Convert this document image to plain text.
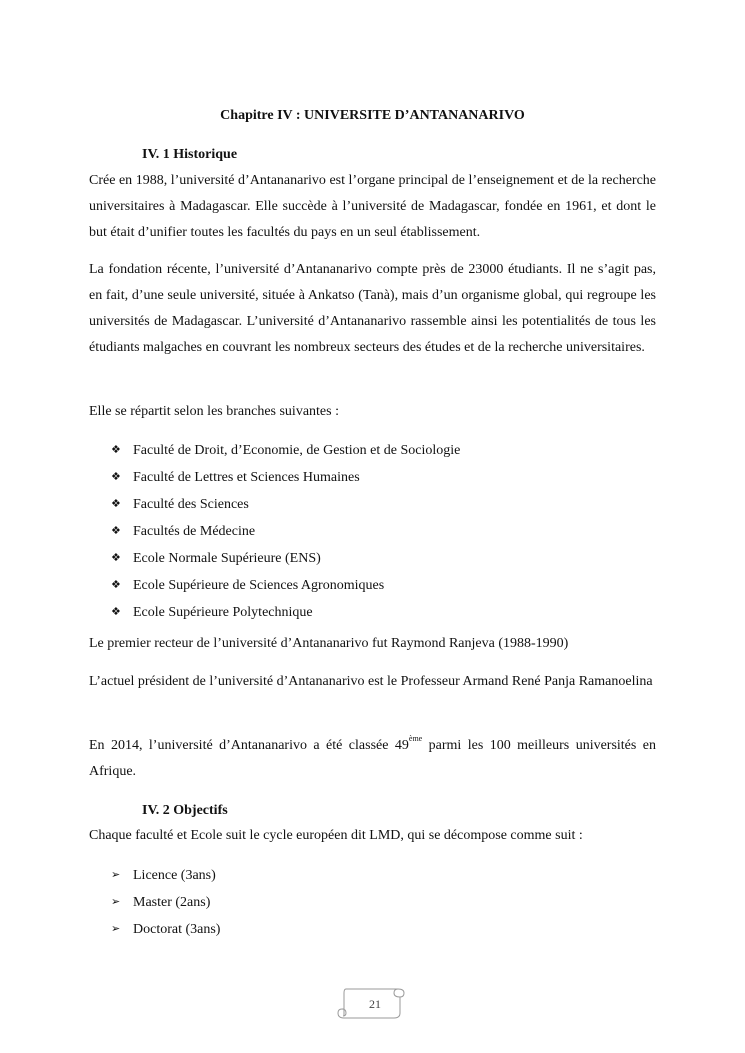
Chapitre IV : UNIVERSITE D’ANTANANARIVO
IV. 1 Historique

Crée en 1988, l’université d’Antananarivo est l’organe principal de l’enseignement et de la recherche universitaires à Madagascar. Elle succède à l’université de Madagascar, fondée en 1961, et dont le but était d’unifier toutes les facultés du pays en un seul établissement.

La fondation récente, l’université d’Antananarivo compte près de 23000 étudiants. Il ne s’agit pas, en fait, d’une seule université, située à Ankatso (Tanà), mais d’un organisme global, qui regroupe les universités de Madagascar. L’université d’Antananarivo rassemble ainsi les potentialités de tous les étudiants malgaches en couvrant les nombreux secteurs des études et de la recherche universitaires.

Elle se répartit selon les branches suivantes :

❖ Faculté de Droit, d’Economie, de Gestion et de Sociologie
❖ Faculté de Lettres et Sciences Humaines
❖ Faculté des Sciences
❖ Facultés de Médecine
❖ Ecole Normale Supérieure (ENS)
❖ Ecole Supérieure de Sciences Agronomiques
❖ Ecole Supérieure Polytechnique

Le premier recteur de l’université d’Antananarivo fut Raymond Ranjeva (1988-1990)

L’actuel président de l’université d’Antananarivo est le Professeur Armand René Panja Ramanoelina

En 2014, l’université d’Antananarivo a été classée 49ème parmi les 100 meilleurs universités en Afrique.

IV. 2 Objectifs

Chaque faculté et Ecole suit le cycle européen dit LMD, qui se décompose comme suit :

➢ Licence (3ans)
➢ Master (2ans)
➢ Doctorat (3ans)
21
